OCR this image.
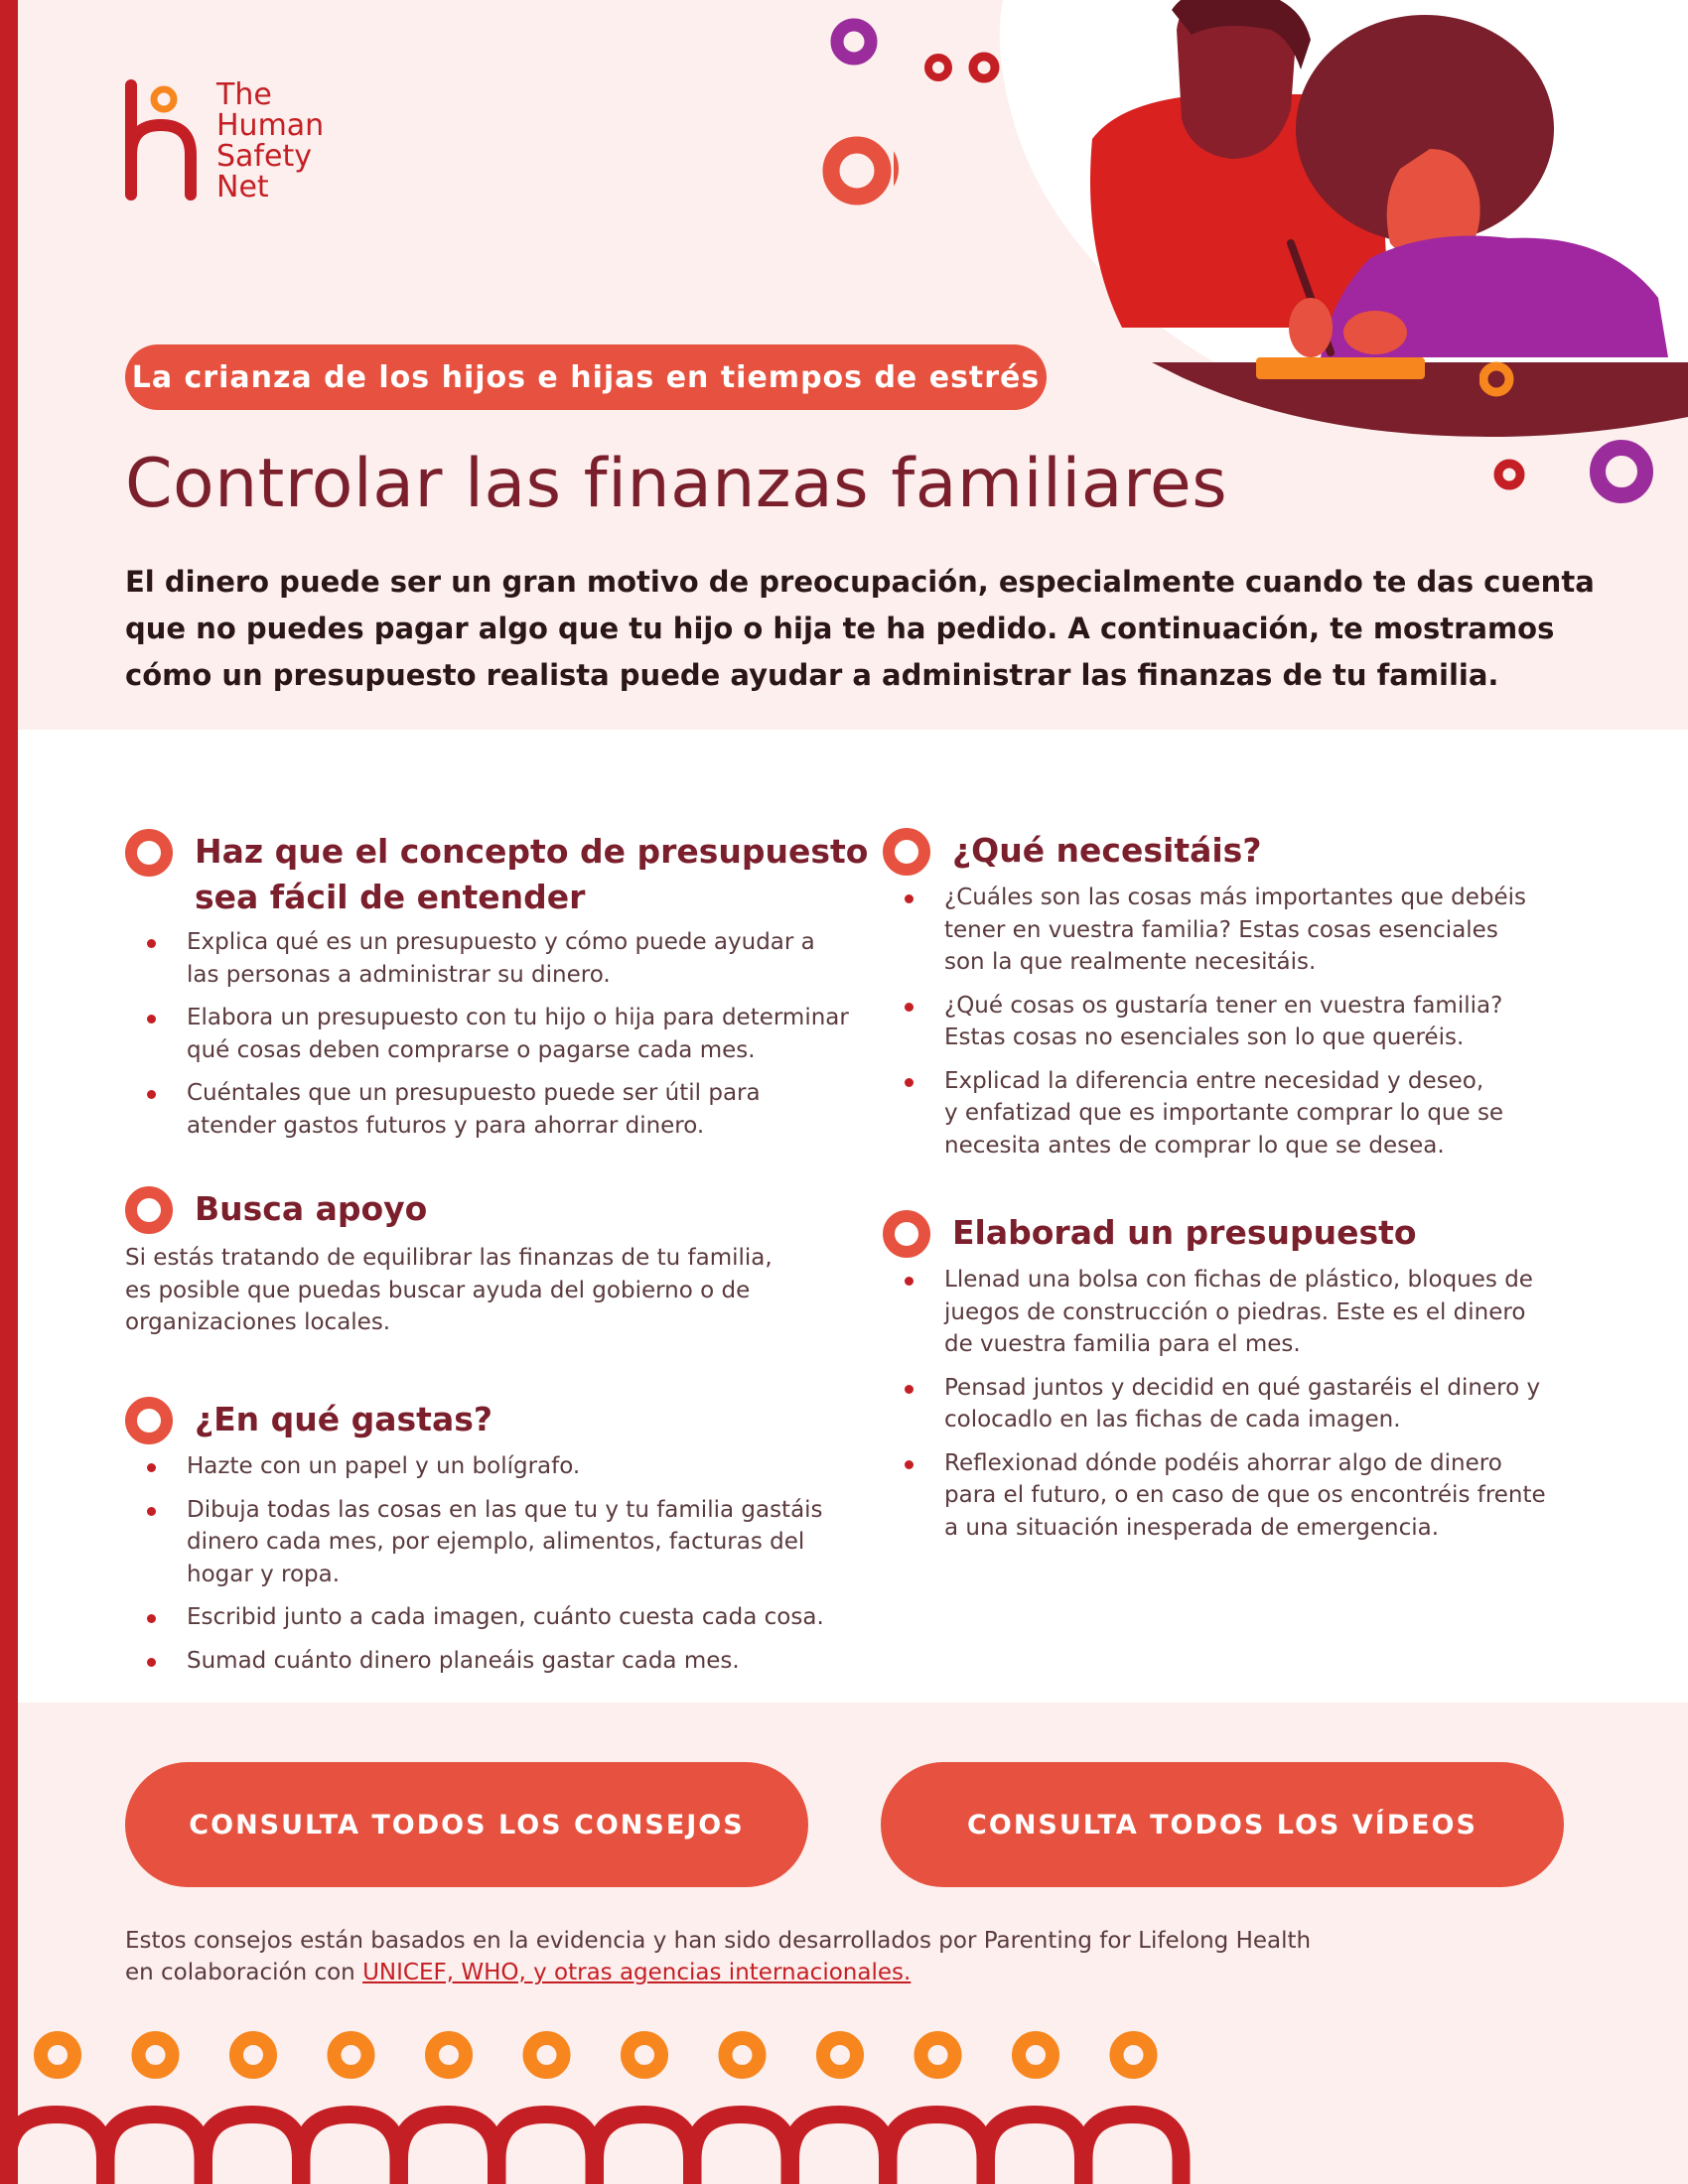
The
Human
Safety
Net
La crianza de los hijos e hijas en tiempos de estrés
Controlar las finanzas familiares
El dinero puede ser un gran motivo de preocupación, especialmente cuando te das cuenta
que no puedes pagar algo que tu hijo o hija te ha pedido. A continuación, te mostramos
cómo un presupuesto realista puede ayudar a administrar las finanzas de tu familia.
Haz que el concepto de presupuesto
sea fácil de entender
Explica qué es un presupuesto y cómo puede ayudar a
las personas a administrar su dinero.
Elabora un presupuesto con tu hijo o hija para determinar
qué cosas deben comprarse o pagarse cada mes.
Cuéntales que un presupuesto puede ser útil para
atender gastos futuros y para ahorrar dinero.
Busca apoyo
Si estás tratando de equilibrar las finanzas de tu familia,
es posible que puedas buscar ayuda del gobierno o de
organizaciones locales.
¿En qué gastas?
Hazte con un papel y un bolígrafo.
Dibuja todas las cosas en las que tu y tu familia gastáis
dinero cada mes, por ejemplo, alimentos, facturas del
hogar y ropa.
Escribid junto a cada imagen, cuánto cuesta cada cosa.
Sumad cuánto dinero planeáis gastar cada mes.
¿Qué necesitáis?
¿Cuáles son las cosas más importantes que debéis
tener en vuestra familia? Estas cosas esenciales
son la que realmente necesitáis.
¿Qué cosas os gustaría tener en vuestra familia?
Estas cosas no esenciales son lo que queréis.
Explicad la diferencia entre necesidad y deseo,
y enfatizad que es importante comprar lo que se
necesita antes de comprar lo que se desea.
Elaborad un presupuesto
Llenad una bolsa con fichas de plástico, bloques de
juegos de construcción o piedras. Este es el dinero
de vuestra familia para el mes.
Pensad juntos y decidid en qué gastaréis el dinero y
colocadlo en las fichas de cada imagen.
Reflexionad dónde podéis ahorrar algo de dinero
para el futuro, o en caso de que os encontréis frente
a una situación inesperada de emergencia.
CONSULTA TODOS LOS CONSEJOS	CONSULTA TODOS LOS VÍDEOS
Estos consejos están basados en la evidencia y han sido desarrollados por Parenting for Lifelong Health
en colaboración con UNICEF, WHO, y otras agencias internacionales.
